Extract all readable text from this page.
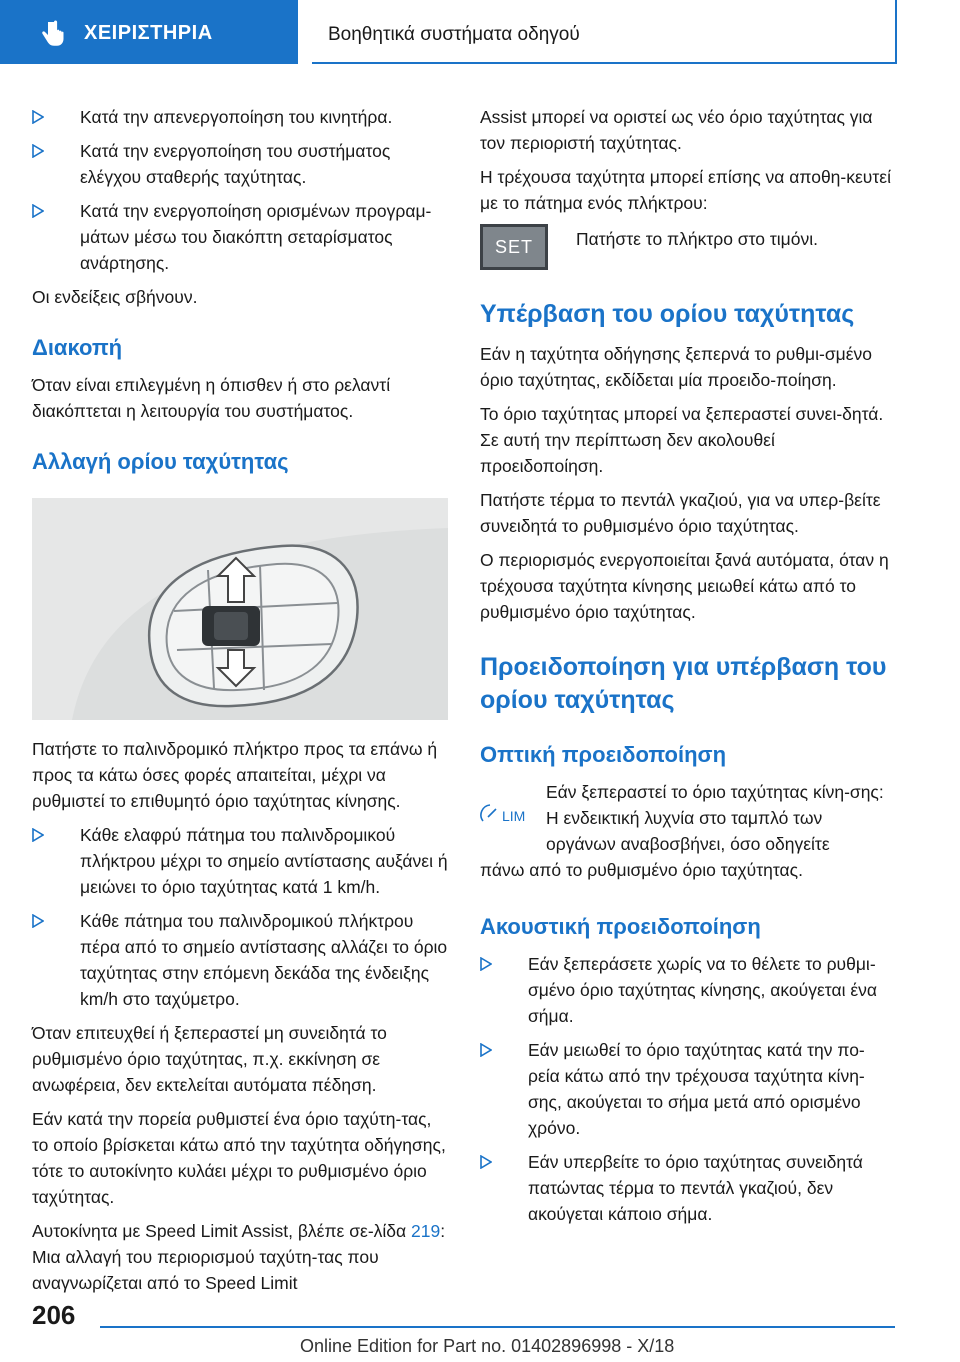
ΧΕΙΡΙΣΤΗΡΙΑ	Βοηθητικά συστήματα οδηγού
Κατά την απενεργοποίηση του κινητήρα.
Κατά την ενεργοποίηση του συστήματος ελέγχου σταθερής ταχύτητας.
Κατά την ενεργοποίηση ορισμένων προγραμ-μάτων μέσω του διακόπτη σεταρίσματος ανάρτησης.

Οι ενδείξεις σβήνουν.

Διακοπή

Όταν είναι επιλεγμένη η όπισθεν ή στο ρελαντί διακόπτεται η λειτουργία του συστήματος.

Αλλαγή ορίου ταχύτητας

Πατήστε το παλινδρομικό πλήκτρο προς τα επάνω ή προς τα κάτω όσες φορές απαιτείται, μέχρι να ρυθμιστεί το επιθυμητό όριο ταχύτητας κίνησης.

Κάθε ελαφρύ πάτημα του παλινδρομικού πλήκτρου μέχρι το σημείο αντίστασης αυξάνει ή μειώνει το όριο ταχύτητας κατά 1 km/h.
Κάθε πάτημα του παλινδρομικού πλήκτρου πέρα από το σημείο αντίστασης αλλάζει το όριο ταχύτητας στην επόμενη δεκάδα της ένδειξης km/h στο ταχύμετρο.

Όταν επιτευχθεί ή ξεπεραστεί μη συνειδητά το ρυθμισμένο όριο ταχύτητας, π.χ. εκκίνηση σε ανωφέρεια, δεν εκτελείται αυτόματα πέδηση.

Εάν κατά την πορεία ρυθμιστεί ένα όριο ταχύτη-τας, το οποίο βρίσκεται κάτω από την ταχύτητα οδήγησης, τότε το αυτοκίνητο κυλάει μέχρι το ρυθμισμένο όριο ταχύτητας.

Αυτοκίνητα με Speed Limit Assist, βλέπε σε-λίδα 219: Μια αλλαγή του περιορισμού ταχύτη-τας που αναγνωρίζεται από το Speed Limit

Assist μπορεί να οριστεί ως νέο όριο ταχύτητας για τον περιοριστή ταχύτητας.

Η τρέχουσα ταχύτητα μπορεί επίσης να αποθη-κευτεί με το πάτημα ενός πλήκτρου:

SET	Πατήστε το πλήκτρο στο τιμόνι.
Υπέρβαση του ορίου ταχύτητας

Εάν η ταχύτητα οδήγησης ξεπερνά το ρυθμι-σμένο όριο ταχύτητας, εκδίδεται μία προειδο-ποίηση.

Το όριο ταχύτητας μπορεί να ξεπεραστεί συνει-δητά. Σε αυτή την περίπτωση δεν ακολουθεί προειδοποίηση.

Πατήστε τέρμα το πεντάλ γκαζιού, για να υπερ-βείτε συνειδητά το ρυθμισμένο όριο ταχύτητας.

Ο περιορισμός ενεργοποιείται ξανά αυτόματα, όταν η τρέχουσα ταχύτητα κίνησης μειωθεί κάτω από το ρυθμισμένο όριο ταχύτητας.

Προειδοποίηση για υπέρβαση του ορίου ταχύτητας
Οπτική προειδοποίηση
LIM

Εάν ξεπεραστεί το όριο ταχύτητας κίνη-σης: Η ενδεικτική λυχνία στο ταμπλό των οργάνων αναβοσβήνει, όσο οδηγείτε

πάνω από το ρυθμισμένο όριο ταχύτητας.

Ακουστική προειδοποίηση
Εάν ξεπεράσετε χωρίς να το θέλετε το ρυθμι-σμένο όριο ταχύτητας κίνησης, ακούγεται ένα σήμα.
Εάν μειωθεί το όριο ταχύτητας κατά την πο-ρεία κάτω από την τρέχουσα ταχύτητα κίνη-σης, ακούγεται το σήμα μετά από ορισμένο χρόνο.
Εάν υπερβείτε το όριο ταχύτητας συνειδητά πατώντας τέρμα το πεντάλ γκαζιού, δεν ακούγεται κάποιο σήμα.
206
Online Edition for Part no. 01402896998 - X/18
